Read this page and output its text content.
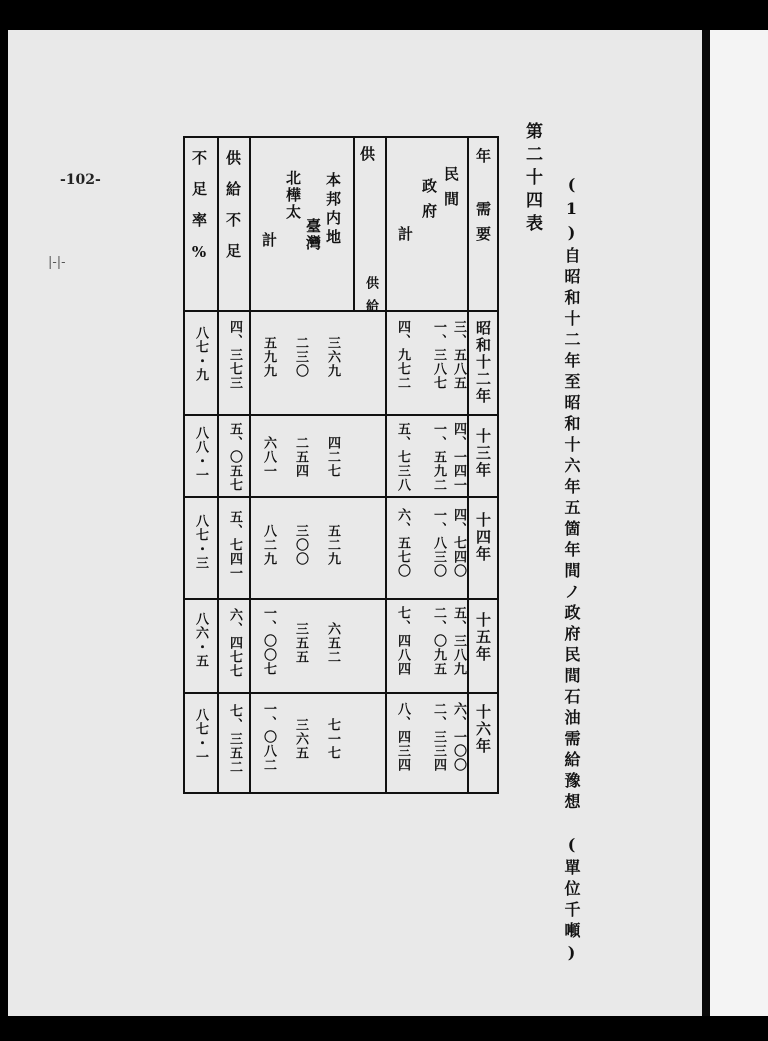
-102-
|-|-
第二十四表 (1)自昭和十二年至昭和十六年五箇年間ノ政府民間石油需給豫想　(單位千噸)
年 需要
民間
政府
計
供
供給
本邦内地
臺灣
北樺太
計
供給不足
不足率%
昭和十二年
十三年
十四年
十五年
十六年
三、五八五
一、三八七
四、九七二
三六九
二三〇
五九九
四、三七三
八七・九
四、一四一
一、五九二
五、七三八
四二七
二五四
六八一
五、〇五七
八八・一
四、七四〇
一、八三〇
六、五七〇
五二九
三〇〇
八二九
五、七四一
八七・三
五、三八九
二、〇九五
七、四八四
六五二
三五五
一、〇〇七
六、四七七
八六・五
六、一〇〇
二、三三四
八、四三四
七一七
三六五
一、〇八二
七、三五二
八七・一
